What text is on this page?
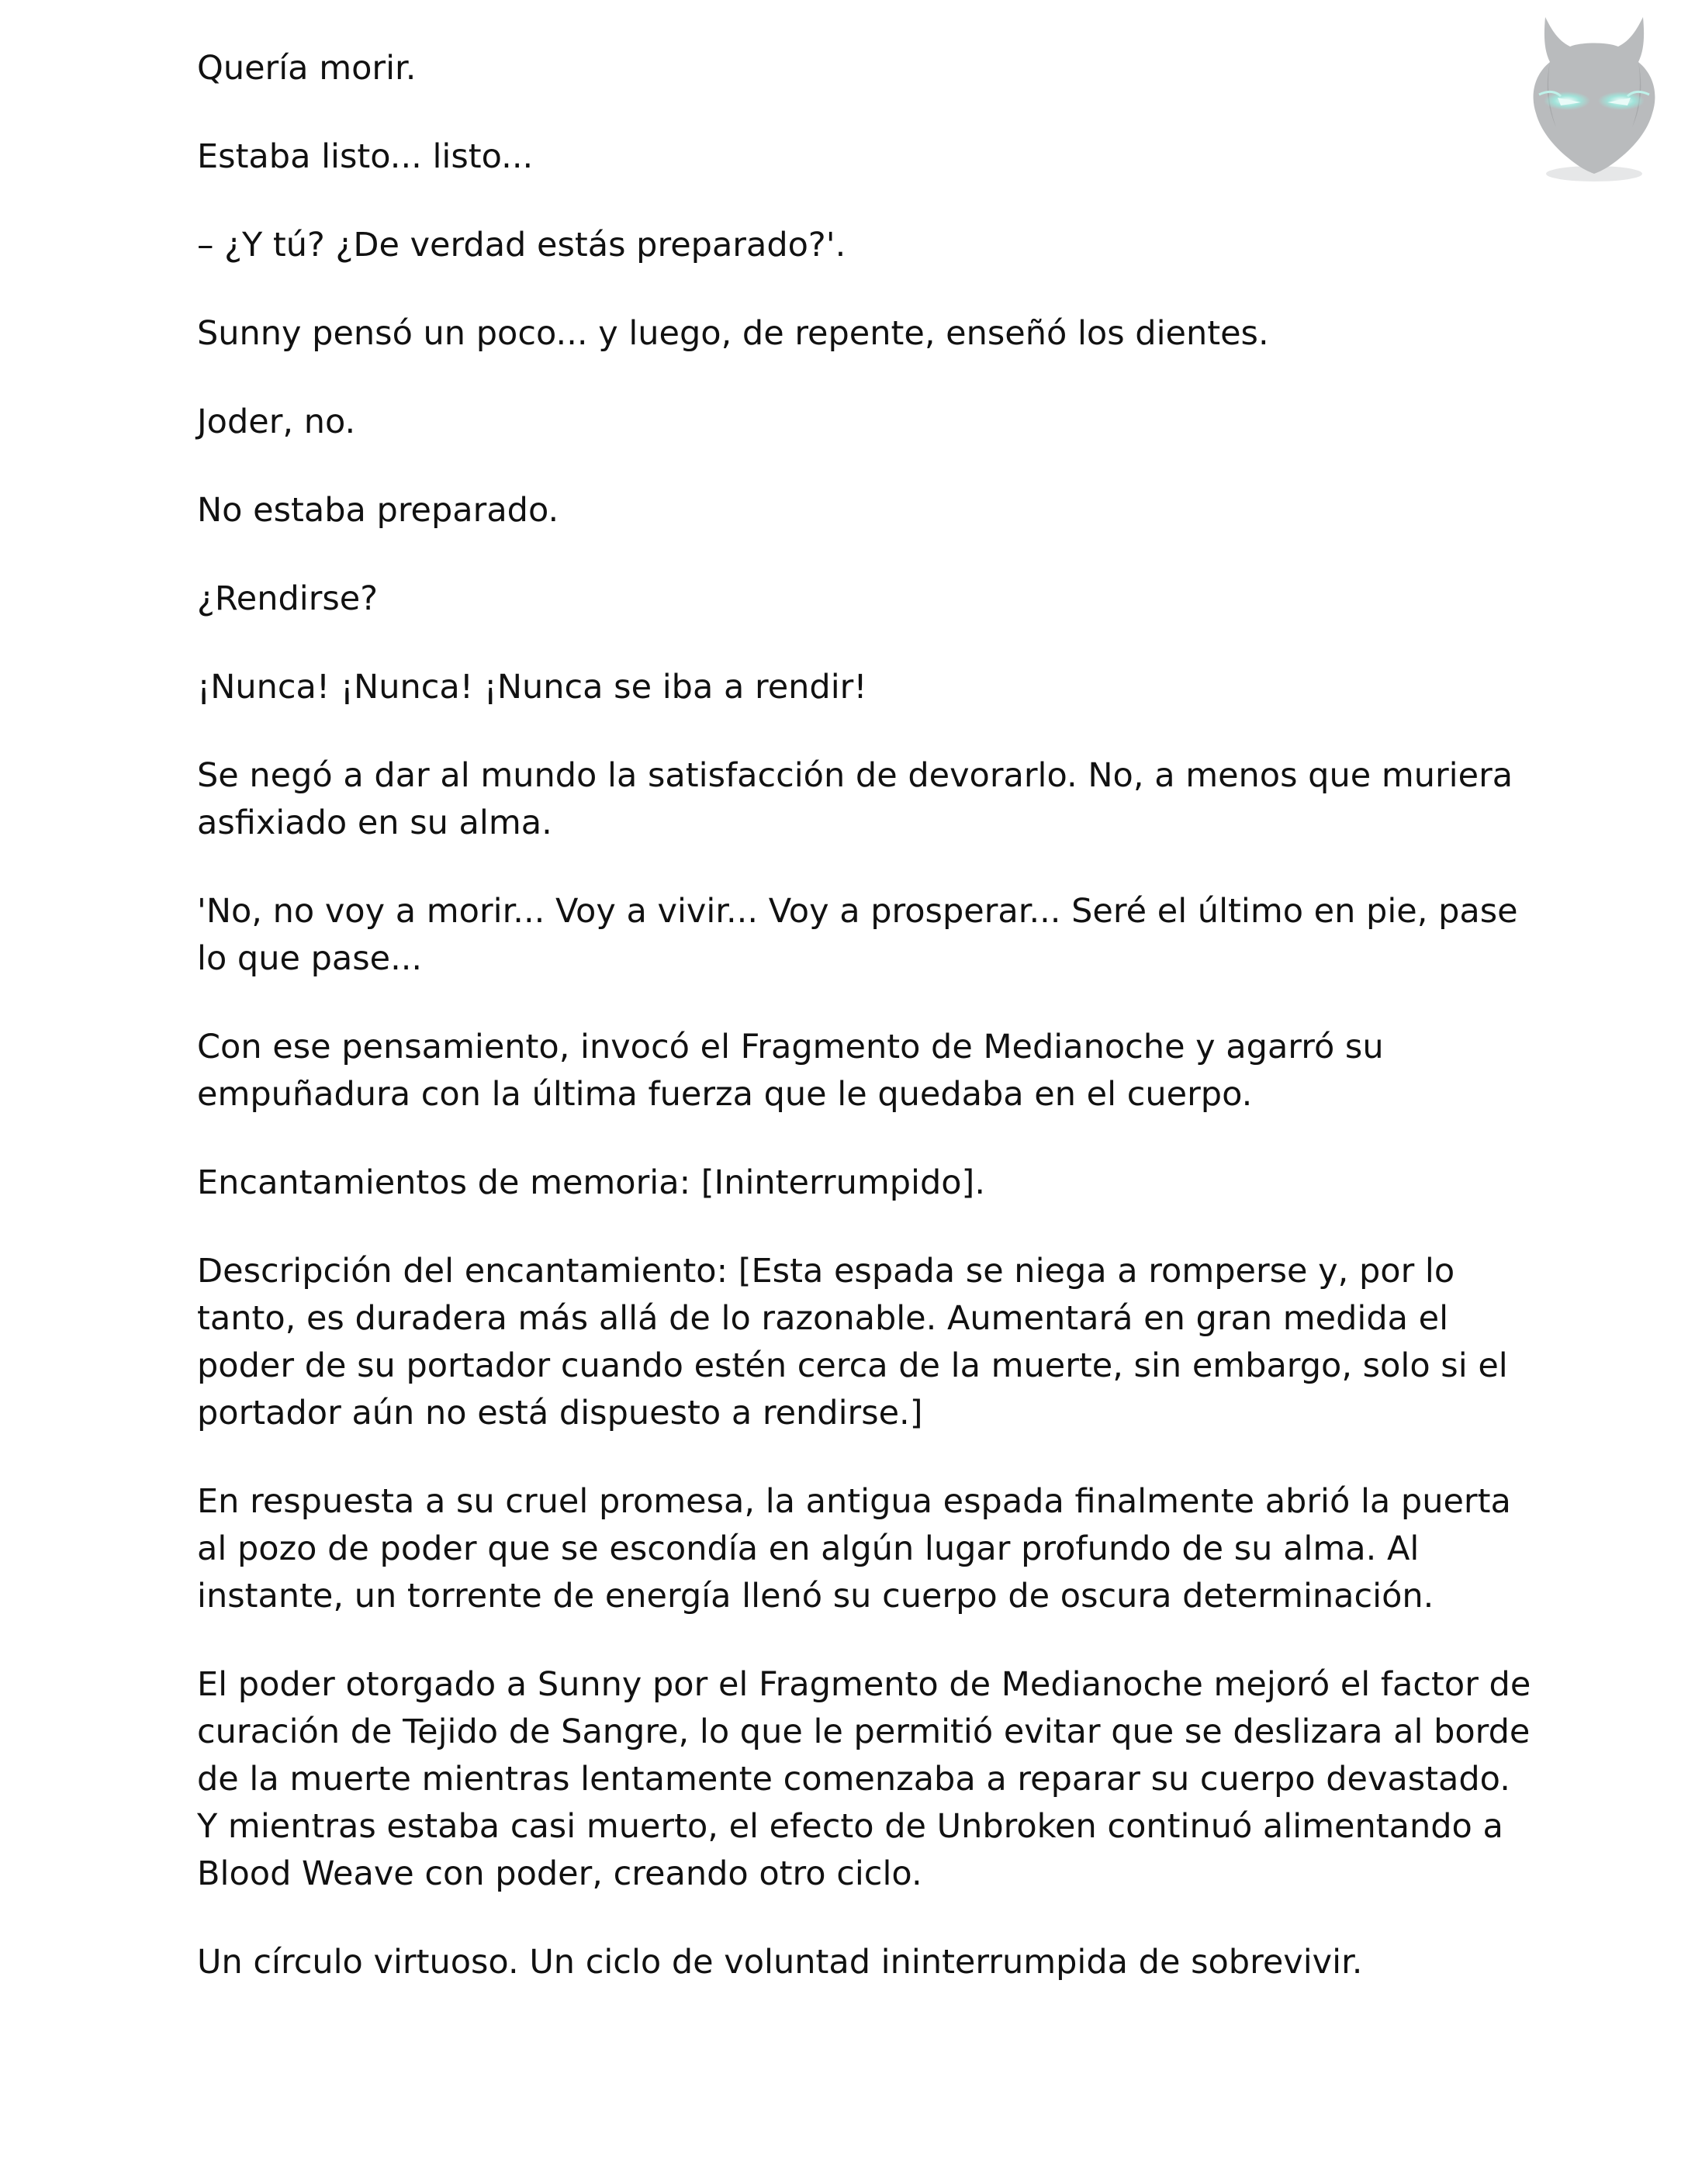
Quería morir.

Estaba listo... listo...

– ¿Y tú? ¿De verdad estás preparado?'.

Sunny pensó un poco... y luego, de repente, enseñó los dientes.

Joder, no.

No estaba preparado.

¿Rendirse?

¡Nunca! ¡Nunca! ¡Nunca se iba a rendir!

Se negó a dar al mundo la satisfacción de devorarlo. No, a menos que muriera asfixiado en su alma.

'No, no voy a morir... Voy a vivir... Voy a prosperar... Seré el último en pie, pase lo que pase...

Con ese pensamiento, invocó el Fragmento de Medianoche y agarró su empuñadura con la última fuerza que le quedaba en el cuerpo.

Encantamientos de memoria: [Ininterrumpido].

Descripción del encantamiento: [Esta espada se niega a romperse y, por lo tanto, es duradera más allá de lo razonable. Aumentará en gran medida el poder de su portador cuando estén cerca de la muerte, sin embargo, solo si el portador aún no está dispuesto a rendirse.]

En respuesta a su cruel promesa, la antigua espada finalmente abrió la puerta al pozo de poder que se escondía en algún lugar profundo de su alma. Al instante, un torrente de energía llenó su cuerpo de oscura determinación.

El poder otorgado a Sunny por el Fragmento de Medianoche mejoró el factor de curación de Tejido de Sangre, lo que le permitió evitar que se deslizara al borde de la muerte mientras lentamente comenzaba a reparar su cuerpo devastado. Y mientras estaba casi muerto, el efecto de Unbroken continuó alimentando a Blood Weave con poder, creando otro ciclo.

Un círculo virtuoso. Un ciclo de voluntad ininterrumpida de sobrevivir.
